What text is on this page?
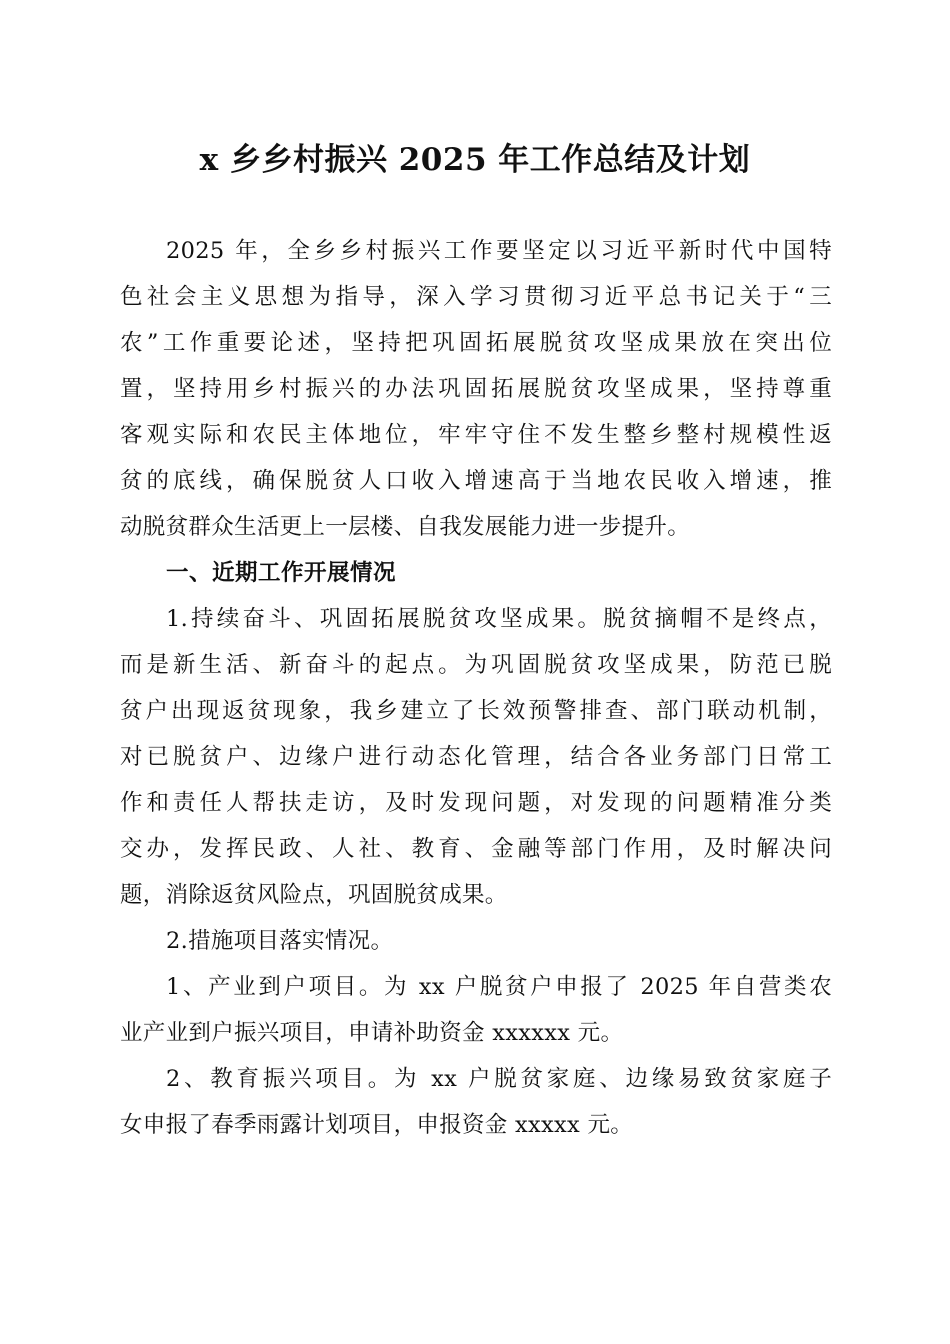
x 乡乡村振兴 2025 年工作总结及计划
2025 年，全乡乡村振兴工作要坚定以习近平新时代中国特
色社会主义思想为指导，深入学习贯彻习近平总书记关于“三
农”工作重要论述，坚持把巩固拓展脱贫攻坚成果放在突出位
置，坚持用乡村振兴的办法巩固拓展脱贫攻坚成果，坚持尊重
客观实际和农民主体地位，牢牢守住不发生整乡整村规模性返
贫的底线，确保脱贫人口收入增速高于当地农民收入增速，推
动脱贫群众生活更上一层楼、自我发展能力进一步提升。
一、近期工作开展情况
1.持续奋斗、巩固拓展脱贫攻坚成果。脱贫摘帽不是终点，
而是新生活、新奋斗的起点。为巩固脱贫攻坚成果，防范已脱
贫户出现返贫现象，我乡建立了长效预警排查、部门联动机制，
对已脱贫户、边缘户进行动态化管理，结合各业务部门日常工
作和责任人帮扶走访，及时发现问题，对发现的问题精准分类
交办，发挥民政、人社、教育、金融等部门作用，及时解决问
题，消除返贫风险点，巩固脱贫成果。
2.措施项目落实情况。
1、产业到户项目。为 xx 户脱贫户申报了 2025 年自营类农
业产业到户振兴项目，申请补助资金 xxxxxx 元。
2、教育振兴项目。为 xx 户脱贫家庭、边缘易致贫家庭子
女申报了春季雨露计划项目，申报资金 xxxxx 元。
